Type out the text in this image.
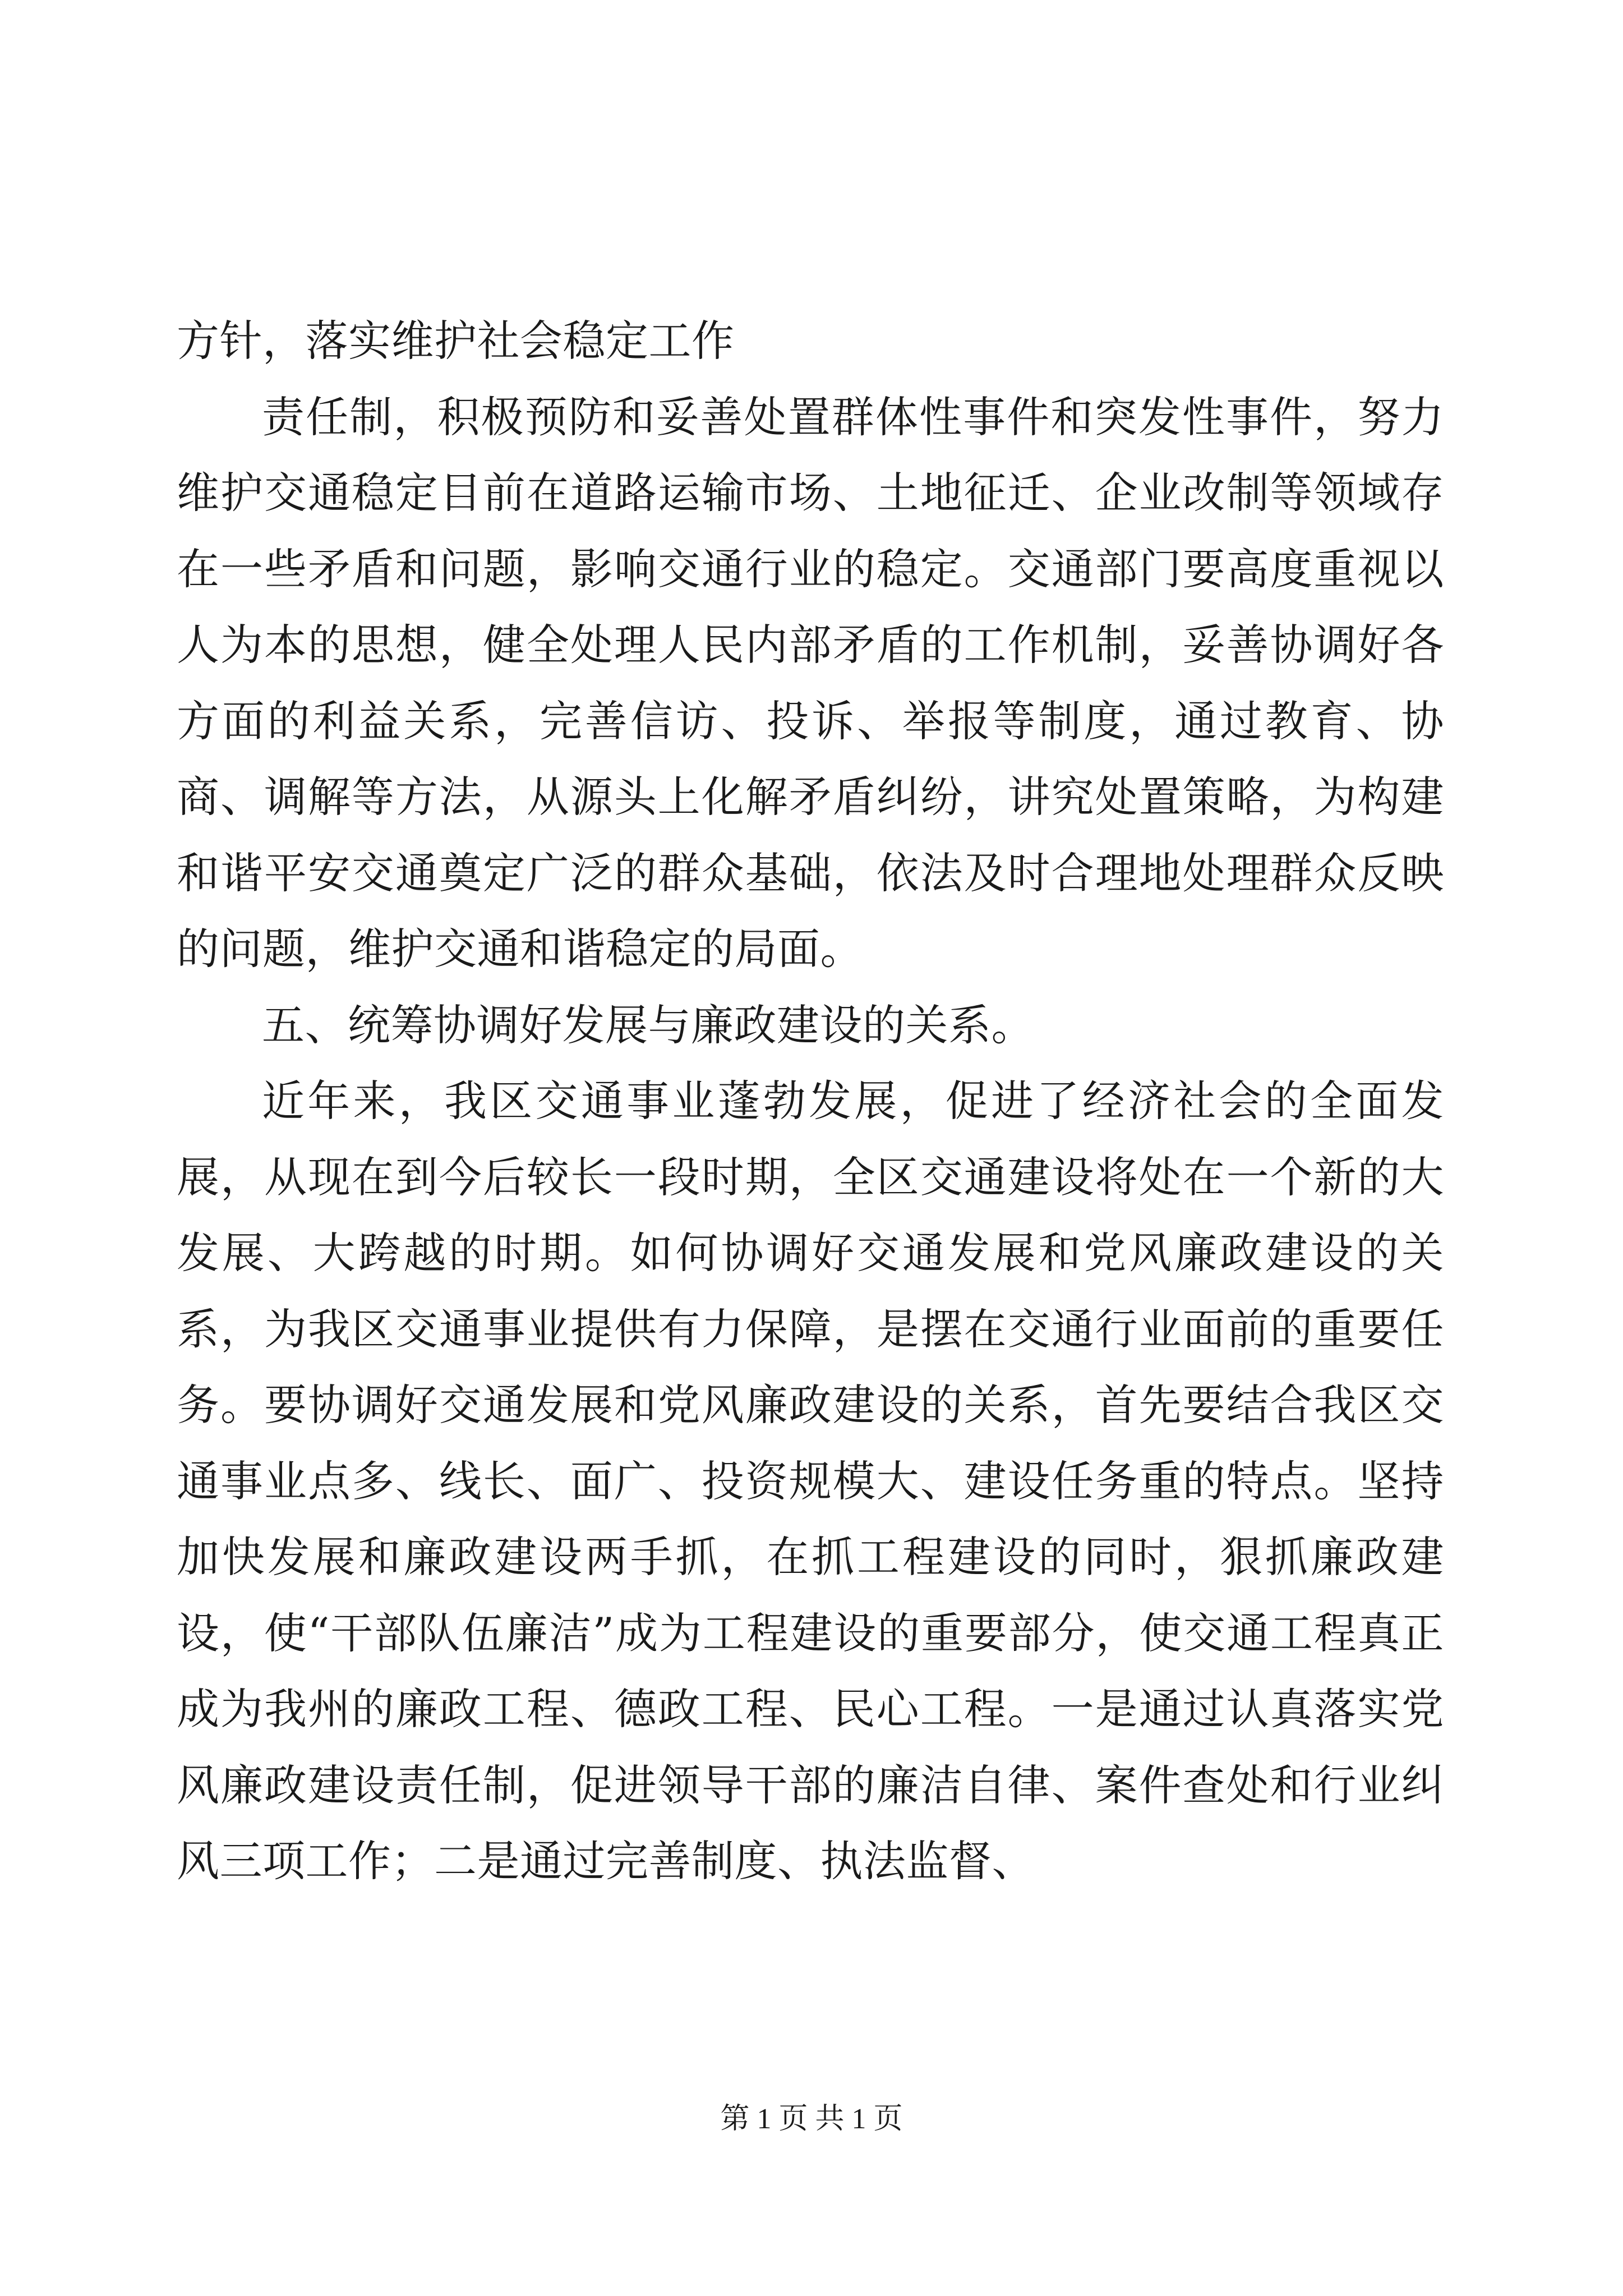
方针，落实维护社会稳定工作

责任制，积极预防和妥善处置群体性事件和突发性事件，努力维护交通稳定目前在道路运输市场、土地征迁、企业改制等领域存在一些矛盾和问题，影响交通行业的稳定。交通部门要高度重视以人为本的思想，健全处理人民内部矛盾的工作机制，妥善协调好各方面的利益关系，完善信访、投诉、举报等制度，通过教育、协商、调解等方法，从源头上化解矛盾纠纷，讲究处置策略，为构建和谐平安交通奠定广泛的群众基础，依法及时合理地处理群众反映的问题，维护交通和谐稳定的局面。

五、统筹协调好发展与廉政建设的关系。

近年来，我区交通事业蓬勃发展，促进了经济社会的全面发展，从现在到今后较长一段时期，全区交通建设将处在一个新的大发展、大跨越的时期。如何协调好交通发展和党风廉政建设的关系，为我区交通事业提供有力保障，是摆在交通行业面前的重要任务。要协调好交通发展和党风廉政建设的关系，首先要结合我区交通事业点多、线长、面广、投资规模大、建设任务重的特点。坚持加快发展和廉政建设两手抓，在抓工程建设的同时，狠抓廉政建设，使“干部队伍廉洁”成为工程建设的重要部分，使交通工程真正成为我州的廉政工程、德政工程、民心工程。一是通过认真落实党风廉政建设责任制，促进领导干部的廉洁自律、案件查处和行业纠风三项工作；二是通过完善制度、执法监督、

第 1 页 共 1 页
